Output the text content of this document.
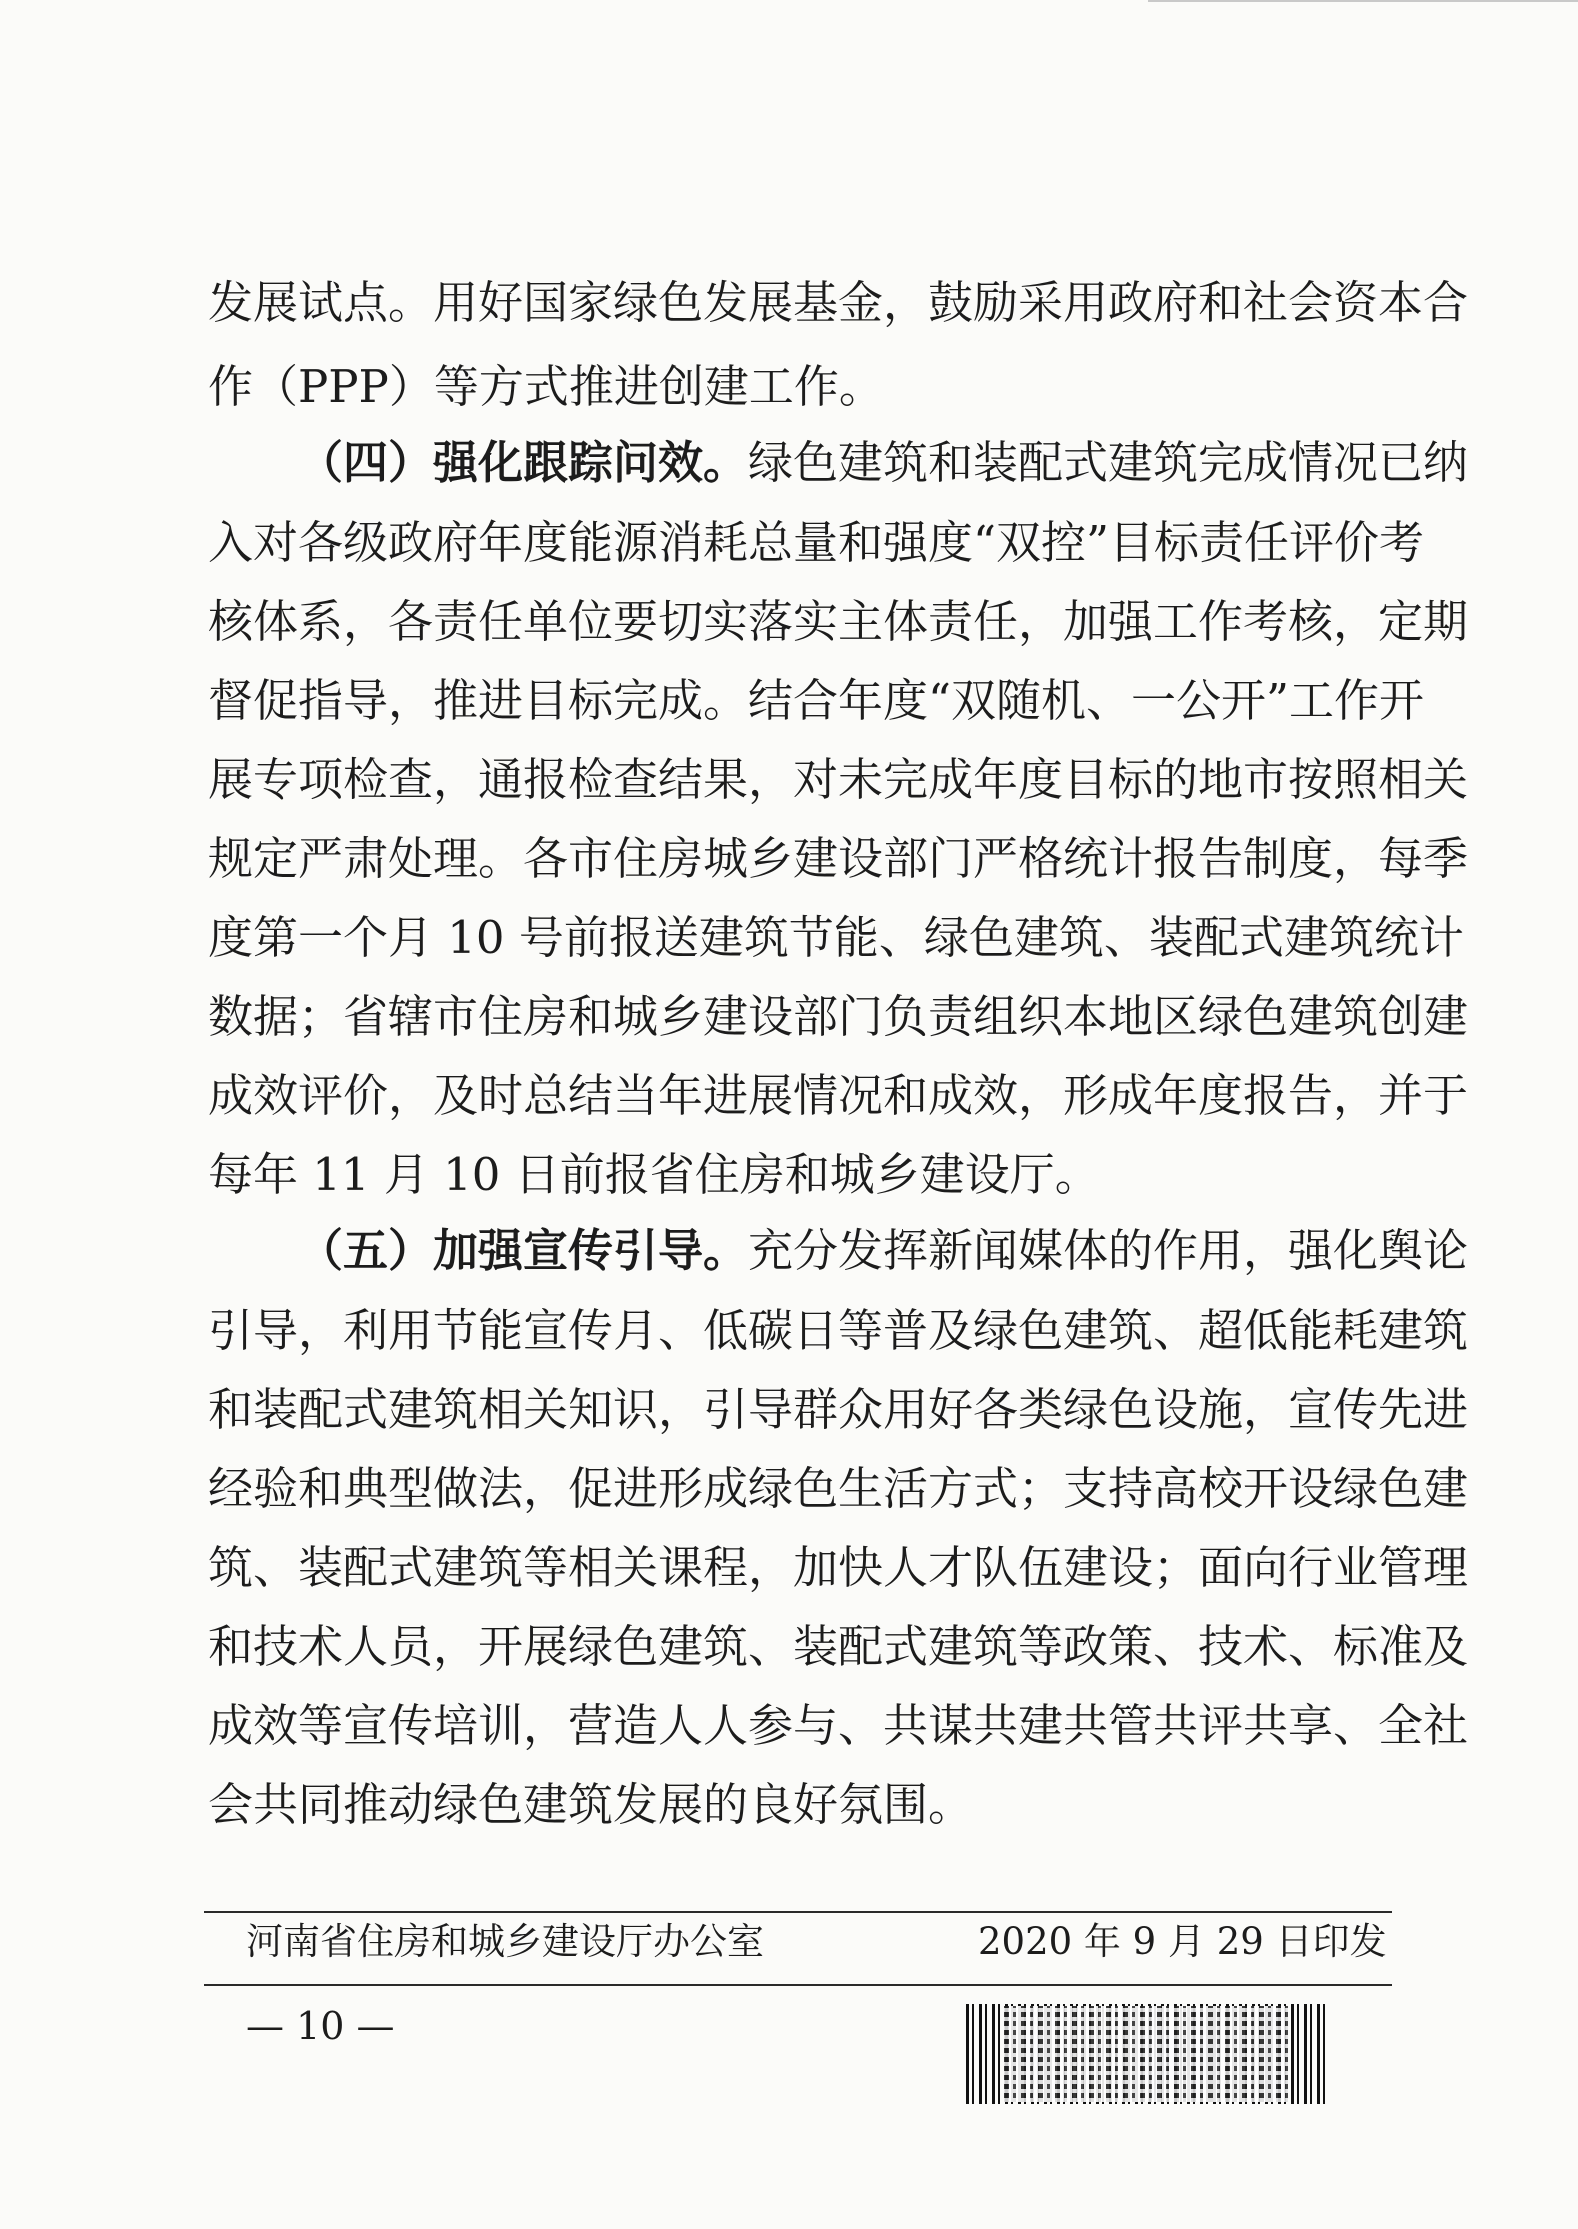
发展试点。用好国家绿色发展基金，鼓励采用政府和社会资本合
作（PPP）等方式推进创建工作。
（四）强化跟踪问效。绿色建筑和装配式建筑完成情况已纳
入对各级政府年度能源消耗总量和强度“双控”目标责任评价考
核体系，各责任单位要切实落实主体责任，加强工作考核，定期
督促指导，推进目标完成。结合年度“双随机、一公开”工作开
展专项检查，通报检查结果，对未完成年度目标的地市按照相关
规定严肃处理。各市住房城乡建设部门严格统计报告制度，每季
度第一个月 10 号前报送建筑节能、绿色建筑、装配式建筑统计
数据；省辖市住房和城乡建设部门负责组织本地区绿色建筑创建
成效评价，及时总结当年进展情况和成效，形成年度报告，并于
每年 11 月 10 日前报省住房和城乡建设厅。
（五）加强宣传引导。充分发挥新闻媒体的作用，强化舆论
引导，利用节能宣传月、低碳日等普及绿色建筑、超低能耗建筑
和装配式建筑相关知识，引导群众用好各类绿色设施，宣传先进
经验和典型做法，促进形成绿色生活方式；支持高校开设绿色建
筑、装配式建筑等相关课程，加快人才队伍建设；面向行业管理
和技术人员，开展绿色建筑、装配式建筑等政策、技术、标准及
成效等宣传培训，营造人人参与、共谋共建共管共评共享、全社
会共同推动绿色建筑发展的良好氛围。
河南省住房和城乡建设厅办公室	2020 年 9 月 29 日印发
— 10 —
